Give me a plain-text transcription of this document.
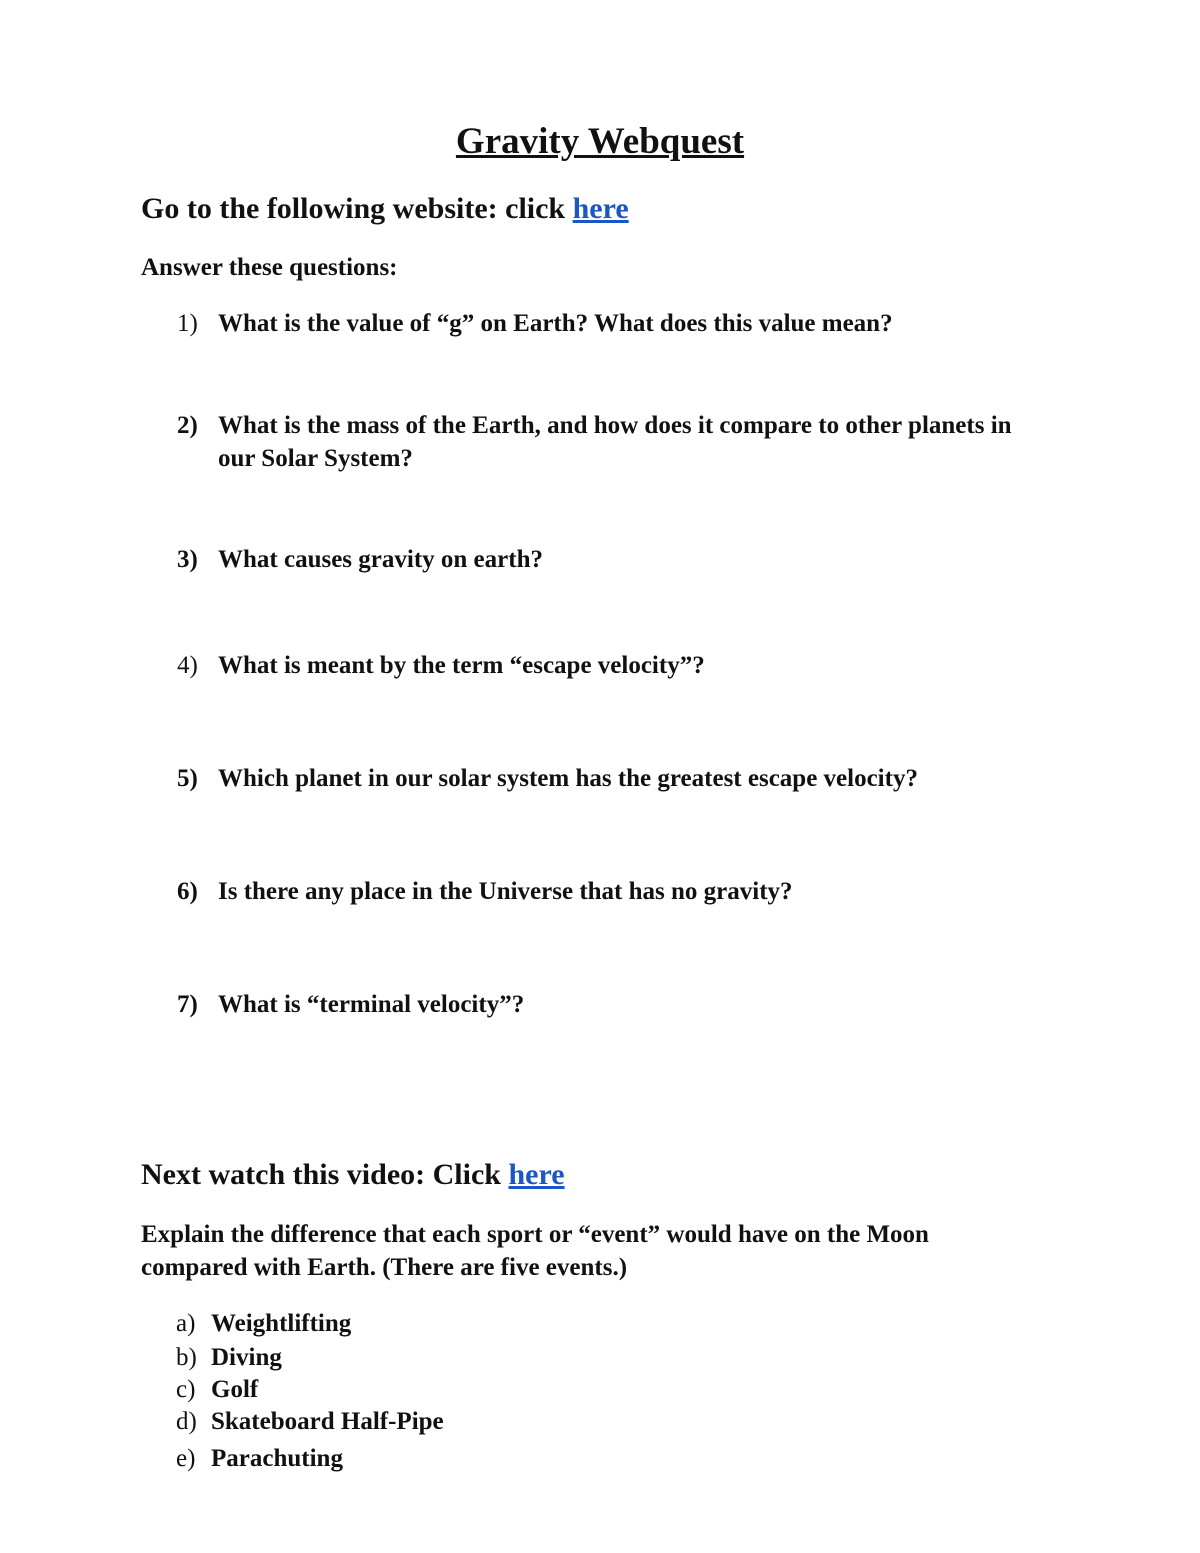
Gravity Webquest
Go to the following website: click here
Answer these questions:
1) What is the value of “g” on Earth? What does this value mean?
2) What is the mass of the Earth, and how does it compare to other planets in our Solar System?
3) What causes gravity on earth?
4) What is meant by the term “escape velocity”?
5) Which planet in our solar system has the greatest escape velocity?
6) Is there any place in the Universe that has no gravity?
7) What is “terminal velocity”?
Next watch this video: Click here
Explain the difference that each sport or “event” would have on the Moon
compared with Earth. (There are five events.)
a) Weightlifting
b) Diving
c) Golf
d) Skateboard Half-Pipe
e) Parachuting
